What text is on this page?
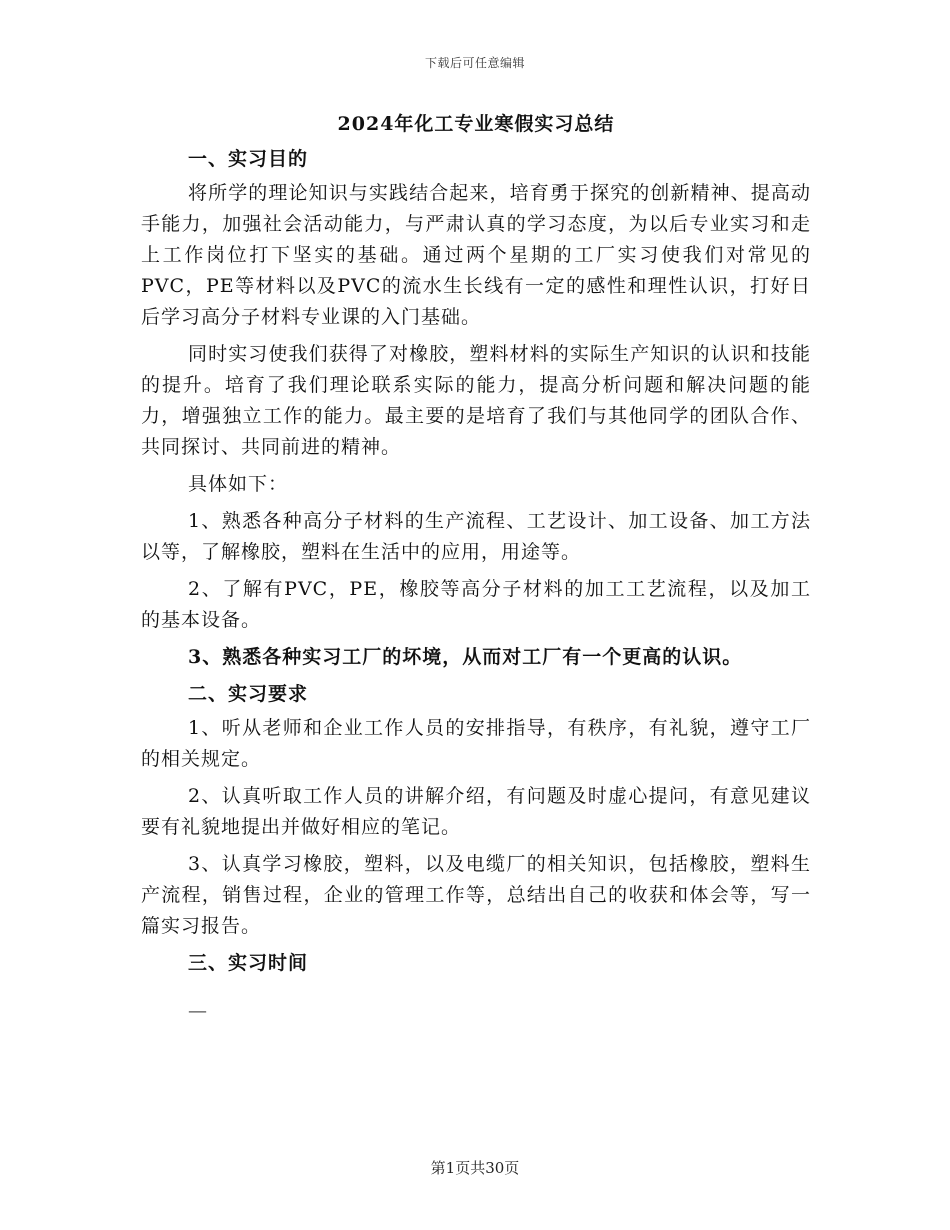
下载后可任意编辑
2024年化工专业寒假实习总结
一、实习目的

将所学的理论知识与实践结合起来，培育勇于探究的创新精神、提高动手能力，加强社会活动能力，与严肃认真的学习态度，为以后专业实习和走上工作岗位打下坚实的基础。通过两个星期的工厂实习使我们对常见的PVC，PE等材料以及PVC的流水生长线有一定的感性和理性认识，打好日后学习高分子材料专业课的入门基础。

同时实习使我们获得了对橡胶，塑料材料的实际生产知识的认识和技能的提升。培育了我们理论联系实际的能力，提高分析问题和解决问题的能力，增强独立工作的能力。最主要的是培育了我们与其他同学的团队合作、共同探讨、共同前进的精神。

具体如下：

1、熟悉各种高分子材料的生产流程、工艺设计、加工设备、加工方法以等，了解橡胶，塑料在生活中的应用，用途等。

2、了解有PVC，PE，橡胶等高分子材料的加工工艺流程，以及加工的基本设备。

3、熟悉各种实习工厂的坏境，从而对工厂有一个更高的认识。

二、实习要求

1、听从老师和企业工作人员的安排指导，有秩序，有礼貌，遵守工厂的相关规定。

2、认真听取工作人员的讲解介绍，有问题及时虚心提问，有意见建议要有礼貌地提出并做好相应的笔记。

3、认真学习橡胶，塑料，以及电缆厂的相关知识，包括橡胶，塑料生产流程，销售过程，企业的管理工作等，总结出自己的收获和体会等，写一篇实习报告。

三、实习时间
—
第1页共30页
